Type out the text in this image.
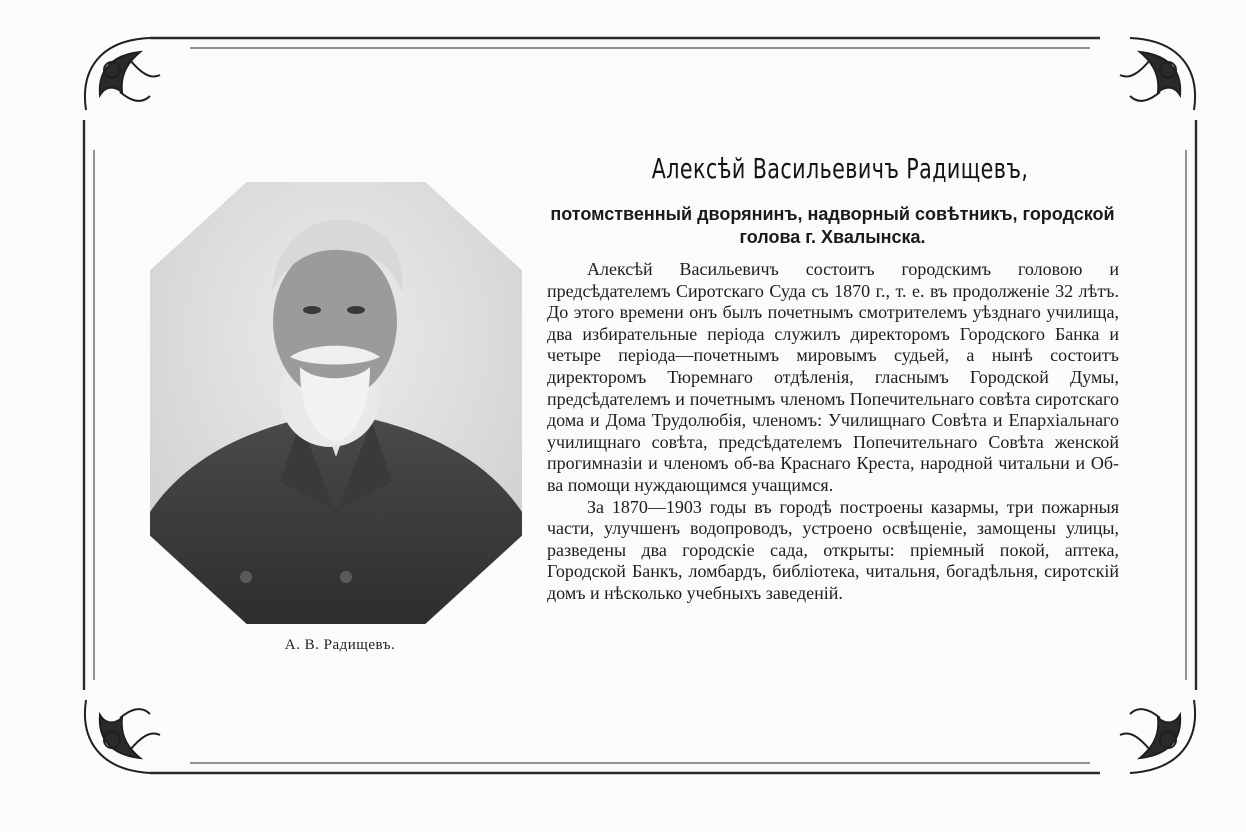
А. В. Радищевъ.
Алексѣй Васильевичъ Радищевъ,
потомственный дворянинъ, надворный совѣтникъ, городской голова г. Хвалынска.

Алексѣй Васильевичъ состоитъ городскимъ головою и предсѣдателемъ Сиротскаго Суда съ 1870 г., т. е. въ продолженіе 32 лѣтъ. До этого времени онъ былъ почетнымъ смотрителемъ уѣзднаго училища, два избирательные періода служилъ директоромъ Городского Банка и четыре періода—почетнымъ мировымъ судьей, а нынѣ состоитъ директоромъ Тюремнаго отдѣленія, гласнымъ Городской Думы, предсѣдателемъ и почетнымъ членомъ Попечительнаго совѣта сиротскаго дома и Дома Трудолюбія, членомъ: Училищнаго Совѣта и Епархіальнаго училищнаго совѣта, предсѣдателемъ Попечительнаго Совѣта женской прогимназіи и членомъ об-ва Краснаго Креста, народной читальни и Об-ва помощи нуждающимся учащимся.

За 1870—1903 годы въ городѣ построены казармы, три пожарныя части, улучшенъ водопроводъ, устроено освѣщеніе, замощены улицы, разведены два городскіе сада, открыты: пріемный покой, аптека, Городской Банкъ, ломбардъ, библіотека, читальня, богадѣльня, сиротскій домъ и нѣсколько учебныхъ заведеній.
